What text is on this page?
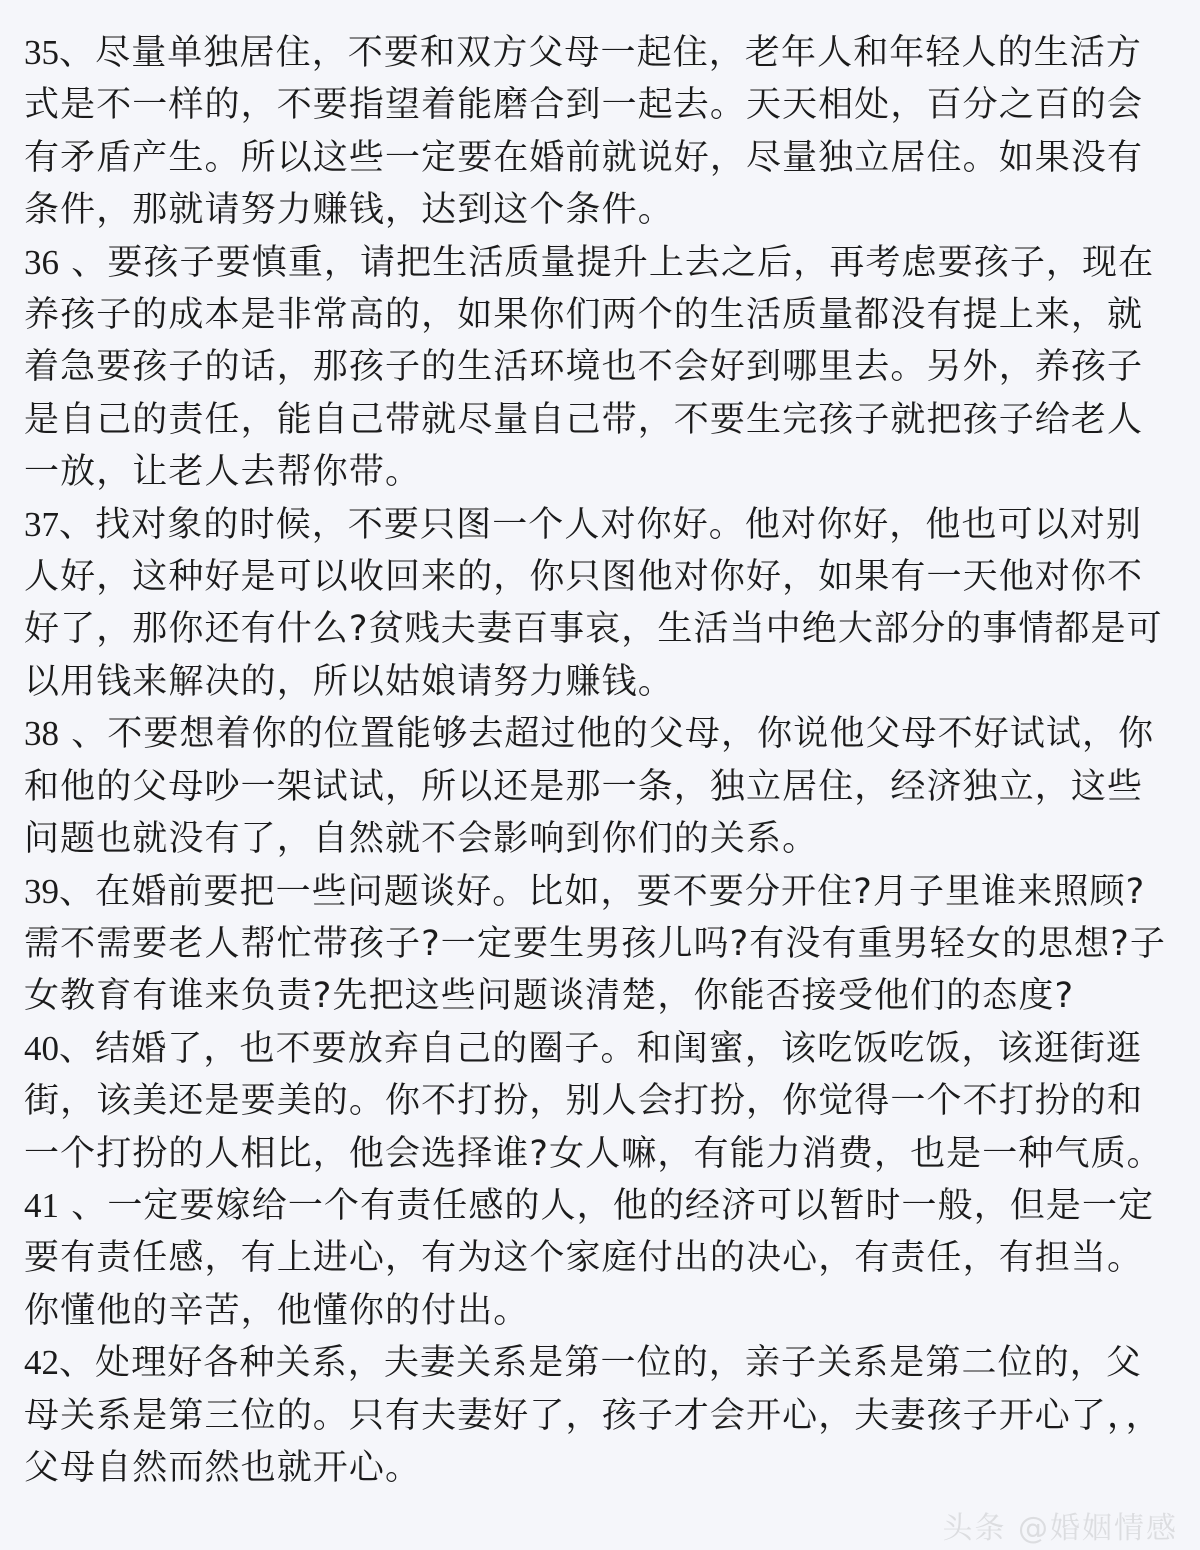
35、尽量单独居住，不要和双方父母一起住，老年人和年轻人的生活方式是不一样的，不要指望着能磨合到一起去。天天相处，百分之百的会有矛盾产生。所以这些一定要在婚前就说好，尽量独立居住。如果没有条件，那就请努力赚钱，达到这个条件。

36 、要孩子要慎重，请把生活质量提升上去之后，再考虑要孩子，现在养孩子的成本是非常高的，如果你们两个的生活质量都没有提上来，就着急要孩子的话，那孩子的生活环境也不会好到哪里去。另外，养孩子是自己的责任，能自己带就尽量自己带，不要生完孩子就把孩子给老人一放，让老人去帮你带。

37、找对象的时候，不要只图一个人对你好。他对你好，他也可以对别人好，这种好是可以收回来的，你只图他对你好，如果有一天他对你不好了，那你还有什么?贫贱夫妻百事哀，生活当中绝大部分的事情都是可以用钱来解决的，所以姑娘请努力赚钱。

38 、不要想着你的位置能够去超过他的父母，你说他父母不好试试，你和他的父母吵一架试试，所以还是那一条，独立居住，经济独立，这些问题也就没有了，自然就不会影响到你们的关系。

39、在婚前要把一些问题谈好。比如，要不要分开住?月子里谁来照顾?需不需要老人帮忙带孩子?一定要生男孩儿吗?有没有重男轻女的思想?子女教育有谁来负责?先把这些问题谈清楚，你能否接受他们的态度?

40、结婚了，也不要放弃自己的圈子。和闺蜜，该吃饭吃饭，该逛街逛街，该美还是要美的。你不打扮，别人会打扮，你觉得一个不打扮的和一个打扮的人相比，他会选择谁?女人嘛，有能力消费，也是一种气质。

41 、一定要嫁给一个有责任感的人，他的经济可以暂时一般，但是一定要有责任感，有上进心，有为这个家庭付出的决心，有责任，有担当。你懂他的辛苦，他懂你的付出。

42、处理好各种关系，夫妻关系是第一位的，亲子关系是第二位的，父母关系是第三位的。只有夫妻好了，孩子才会开心，夫妻孩子开心了，，父母自然而然也就开心。

头条 @婚姻情感
